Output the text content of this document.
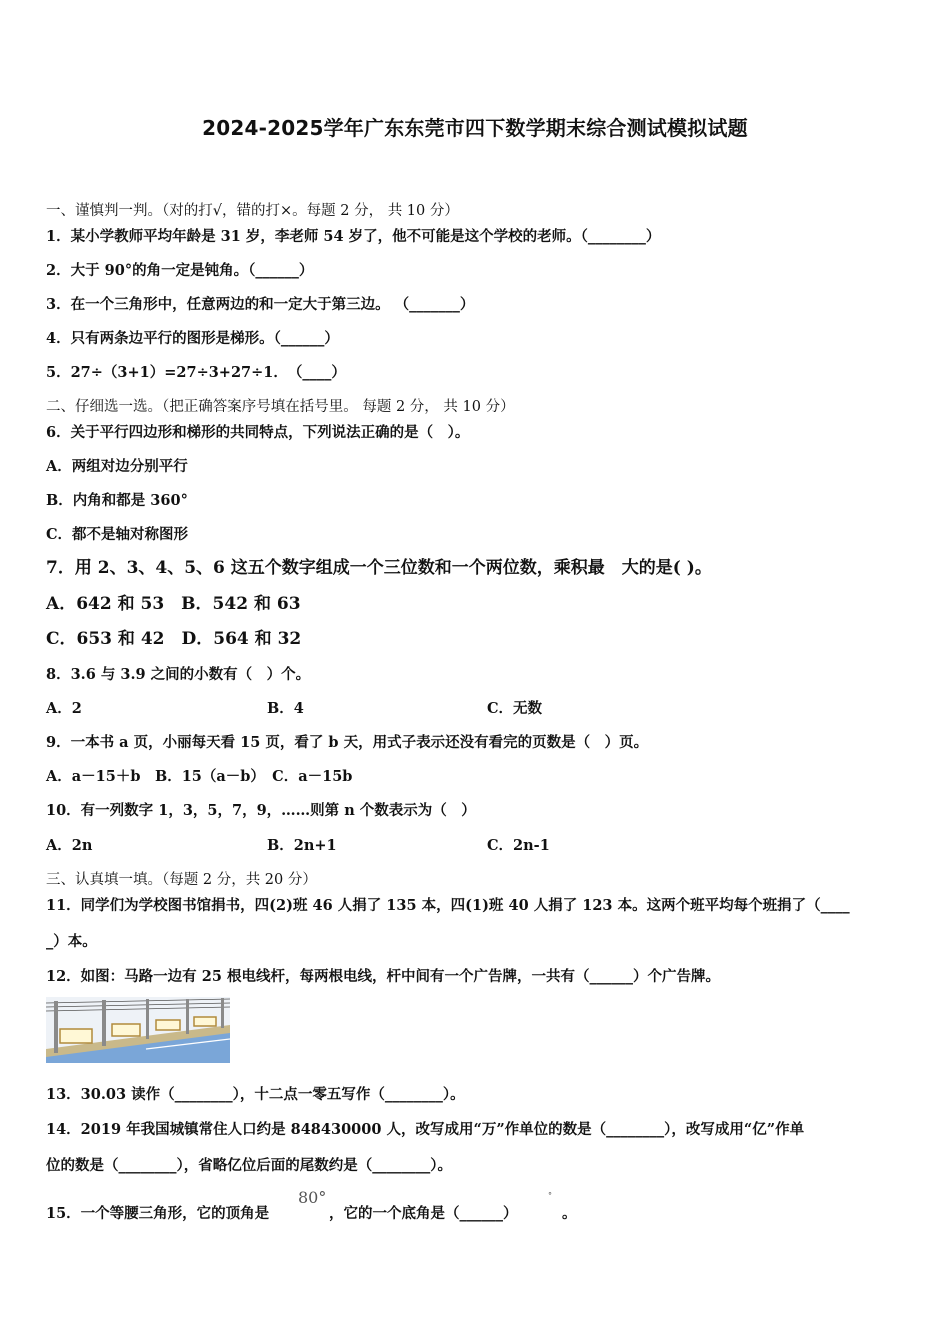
2024-2025学年广东东莞市四下数学期末综合测试模拟试题
一、谨慎判一判。（对的打√，错的打×。每题 2 分， 共 10 分）
1．某小学教师平均年龄是 31 岁，李老师 54 岁了，他不可能是这个学校的老师。（________）
2．大于 90°的角一定是钝角。（______）
3．在一个三角形中，任意两边的和一定大于第三边。 （_______）
4．只有两条边平行的图形是梯形。（______）
5．27÷（3+1）=27÷3+27÷1．　（____）
二、仔细选一选。（把正确答案序号填在括号里。 每题 2 分， 共 10 分）
6．关于平行四边形和梯形的共同特点，下列说法正确的是（　）。
A．两组对边分别平行
B．内角和都是 360°
C．都不是轴对称图形
7．用 2、3、4、5、6 这五个数字组成一个三位数和一个两位数，乘积最　大的是( )。
A．642 和 53　B．542 和 63
C．653 和 42　D．564 和 32
8．3.6 与 3.9 之间的小数有（　）个。
A．2	B．4	C．无数
9．一本书 a 页，小丽每天看 15 页，看了 b 天，用式子表示还没有看完的页数是（　）页。
A．a－15＋b　B．15（a－b）　C．a－15b
10．有一列数字 1，3，5，7，9，……则第 n 个数表示为（　）
A．2n	B．2n+1	C．2n-1
三、认真填一填。（每题 2 分，共 20 分）
11．同学们为学校图书馆捐书，四(2)班 46 人捐了 135 本，四(1)班 40 人捐了 123 本。这两个班平均每个班捐了（____
_）本。
12．如图：马路一边有 25 根电线杆，每两根电线，杆中间有一个广告牌，一共有（______）个广告牌。
13．30.03 读作（________），十二点一零五写作（________）。
14．2019 年我国城镇常住人口约是 848430000 人，改写成用“万”作单位的数是（________），改写成用“亿”作单
位的数是（________），省略亿位后面的尾数约是（________）。
15．一个等腰三角形，它的顶角是
80°
，它的一个底角是（______）
°
。
